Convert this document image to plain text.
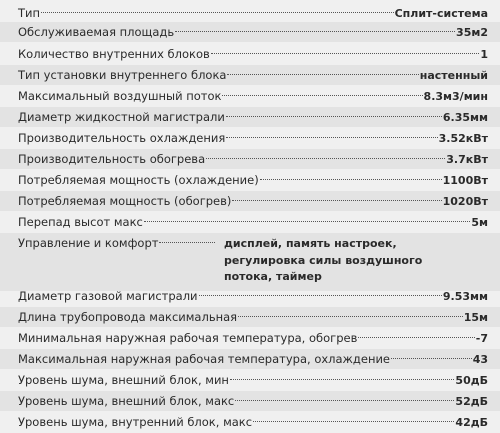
Тип	Сплит-система
Обслуживаемая площадь	35м2
Количество внутренних блоков	1
Тип установки внутреннего блока	настенный
Максимальный воздушный поток	8.3м3/мин
Диаметр жидкостной магистрали	6.35мм
Производительность охлаждения	3.52кВт
Производительность обогрева	3.7кВт
Потребляемая мощность (охлаждение)	1100Вт
Потребляемая мощность (обогрев)	1020Вт
Перепад высот макс	5м
Управление и комфорт	дисплей, память настроек, регулировка силы воздушного потока, таймер
Диаметр газовой магистрали	9.53мм
Длина трубопровода максимальная	15м
Минимальная наружная рабочая температура, обогрев	-7
Максимальная наружная рабочая температура, охлаждение	43
Уровень шума, внешний блок, мин	50дБ
Уровень шума, внешний блок, макс	52дБ
Уровень шума, внутренний блок, макс	42дБ
